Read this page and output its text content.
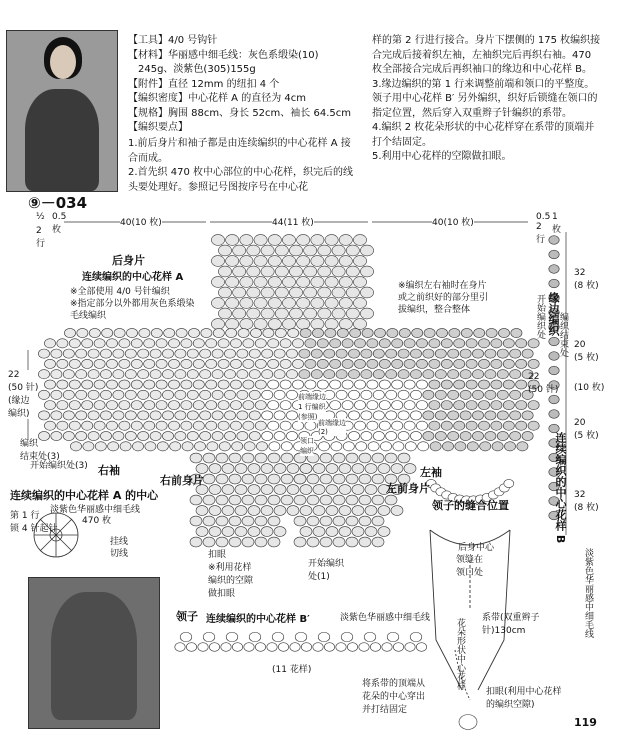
【工具】4/0 号钩针

【材料】华丽感中细毛线：灰色系缎染(10)

245g、淡紫色(305)155g

【附件】直径 12mm 的纽扣 4 个

【编织密度】中心花样 A 的直径为 4cm

【规格】胸围 88cm、身长 52cm、袖长 64.5cm

【编织要点】

1.前后身片和袖子都是由连续编织的中心花样 A 接合而成。

2.首先织 470 枚中心部位的中心花样，织完后的线头要处理好。参照记号图按序号在中心花

样的第 2 行进行接合。身片下摆侧的 175 枚编织接合完成后接着织左袖，左袖织完后再织右袖。470 枚全部接合完成后再织袖口的缘边和中心花样 B。

3.缘边编织的第 1 行来调整前端和领口的平整度。领子用中心花样 B′ 另外编织，织好后锁缝在领口的指定位置，然后穿入双重辫子针编织的系带。

4.编织 2 枚花朵形状的中心花样穿在系带的顶端并打个结固定。

5.利用中心花样的空隙做扣眼。

⑨－034
40(10 枚)	44(11 枚)	40(10 枚)
½
2
行
0.5
枚
0.5
2
行
1
枚
后身片
连续编织的中心花样 A
※全部使用 4/0 号针编织
※指定部分以外都用灰色系缎染
毛线编织
※编织左右袖时在身片
或之前织好的部分里引
拔编织，整合整体
22
(50 针)
(缘边
编织)
编织
结束处(3)
开始编织处(3) 右袖
右前身片
左前身片
左袖
缘边编织
开始编织处 编织结束处
22
(50 针)
32
(8 枚)
20
(5 枚)
(10 枚)
20
(5 枚)
32
(8 枚)
连续编织的中心花样 B
淡紫色华丽感中细毛线
扣眼
※利用花样
编织的空隙
做扣眼
开始编织
处(1)
前端缘边
1 行编织
(参照)
前端缘边
(2)
领口
编织
连续编织的中心花样 A 的中心
淡紫色华丽感中细毛线
470 枚
第 1 行
锁 4 针起针
挂线
切线
领子 连续编织的中心花样 B′	淡紫色华丽感中细毛线
(11 花样)
领子的缝合位置
后身中心
领缝在
领口处
系带(双重辫子
针)130cm
花朵形状中心花样
将系带的顶端从
花朵的中心穿出
并打结固定
扣眼(利用中心花样
的编织空隙)
119
